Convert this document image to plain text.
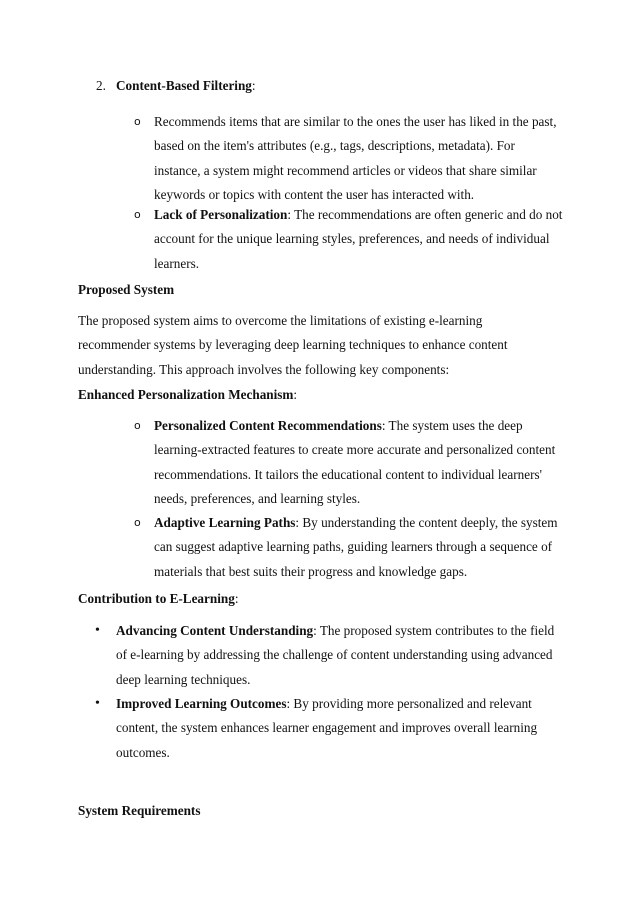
2. Content-Based Filtering:

o Recommends items that are similar to the ones the user has liked in the past, based on the item's attributes (e.g., tags, descriptions, metadata). For instance, a system might recommend articles or videos that share similar keywords or topics with content the user has interacted with.

o Lack of Personalization: The recommendations are often generic and do not account for the unique learning styles, preferences, and needs of individual learners.

Proposed System

The proposed system aims to overcome the limitations of existing e-learning recommender systems by leveraging deep learning techniques to enhance content understanding. This approach involves the following key components:

Enhanced Personalization Mechanism:

o Personalized Content Recommendations: The system uses the deep learning-extracted features to create more accurate and personalized content recommendations. It tailors the educational content to individual learners' needs, preferences, and learning styles.

o Adaptive Learning Paths: By understanding the content deeply, the system can suggest adaptive learning paths, guiding learners through a sequence of materials that best suits their progress and knowledge gaps.

Contribution to E-Learning:

• Advancing Content Understanding: The proposed system contributes to the field of e-learning by addressing the challenge of content understanding using advanced deep learning techniques.

• Improved Learning Outcomes: By providing more personalized and relevant content, the system enhances learner engagement and improves overall learning outcomes.

System Requirements
